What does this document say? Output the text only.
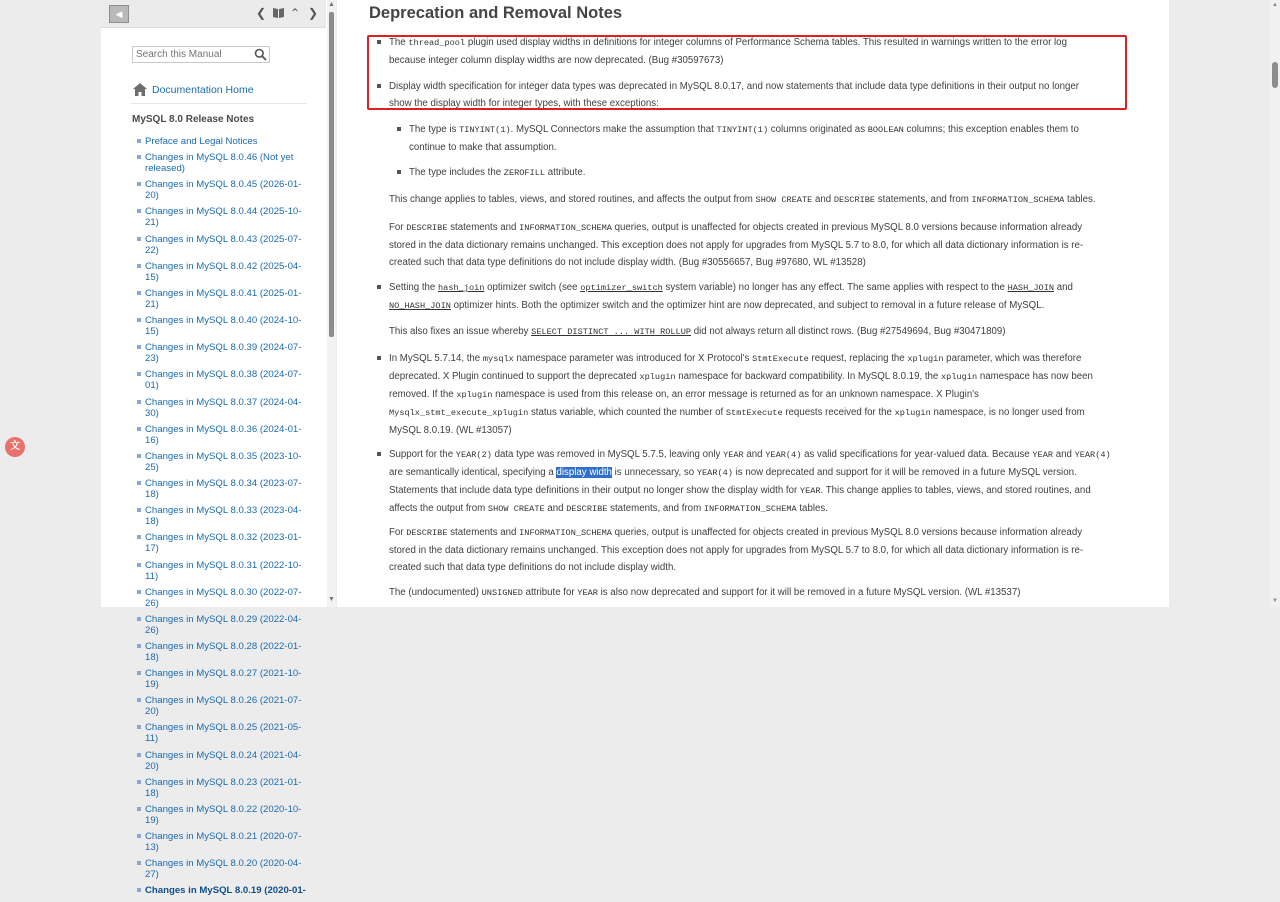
◀	❮ ⌃ ❯
Search this Manual
Documentation Home
MySQL 8.0 Release Notes
Preface and Legal Notices
Changes in MySQL 8.0.46 (Not yet released)
Changes in MySQL 8.0.45 (2026-01-20)
Changes in MySQL 8.0.44 (2025-10-21)
Changes in MySQL 8.0.43 (2025-07-22)
Changes in MySQL 8.0.42 (2025-04-15)
Changes in MySQL 8.0.41 (2025-01-21)
Changes in MySQL 8.0.40 (2024-10-15)
Changes in MySQL 8.0.39 (2024-07-23)
Changes in MySQL 8.0.38 (2024-07-01)
Changes in MySQL 8.0.37 (2024-04-30)
Changes in MySQL 8.0.36 (2024-01-16)
Changes in MySQL 8.0.35 (2023-10-25)
Changes in MySQL 8.0.34 (2023-07-18)
Changes in MySQL 8.0.33 (2023-04-18)
Changes in MySQL 8.0.32 (2023-01-17)
Changes in MySQL 8.0.31 (2022-10-11)
Changes in MySQL 8.0.30 (2022-07-26)
Changes in MySQL 8.0.29 (2022-04-26)
Changes in MySQL 8.0.28 (2022-01-18)
Changes in MySQL 8.0.27 (2021-10-19)
Changes in MySQL 8.0.26 (2021-07-20)
Changes in MySQL 8.0.25 (2021-05-11)
Changes in MySQL 8.0.24 (2021-04-20)
Changes in MySQL 8.0.23 (2021-01-18)
Changes in MySQL 8.0.22 (2020-10-19)
Changes in MySQL 8.0.21 (2020-07-13)
Changes in MySQL 8.0.20 (2020-04-27)
Changes in MySQL 8.0.19 (2020-01-
▲
▼
Deprecation and Removal Notes
The thread_pool plugin used display widths in definitions for integer columns of Performance Schema tables. This resulted in warnings written to the error log
because integer column display widths are now deprecated. (Bug #30597673)
Display width specification for integer data types was deprecated in MySQL 8.0.17, and now statements that include data type definitions in their output no longer
show the display width for integer types, with these exceptions:
The type is TINYINT(1). MySQL Connectors make the assumption that TINYINT(1) columns originated as BOOLEAN columns; this exception enables them to
continue to make that assumption.
The type includes the ZEROFILL attribute.
This change applies to tables, views, and stored routines, and affects the output from SHOW CREATE and DESCRIBE statements, and from INFORMATION_SCHEMA tables.
For DESCRIBE statements and INFORMATION_SCHEMA queries, output is unaffected for objects created in previous MySQL 8.0 versions because information already
stored in the data dictionary remains unchanged. This exception does not apply for upgrades from MySQL 5.7 to 8.0, for which all data dictionary information is re-
created such that data type definitions do not include display width. (Bug #30556657, Bug #97680, WL #13528)
Setting the hash_join optimizer switch (see optimizer_switch system variable) no longer has any effect. The same applies with respect to the HASH_JOIN and
NO_HASH_JOIN optimizer hints. Both the optimizer switch and the optimizer hint are now deprecated, and subject to removal in a future release of MySQL.
This also fixes an issue whereby SELECT DISTINCT ... WITH ROLLUP did not always return all distinct rows. (Bug #27549694, Bug #30471809)
In MySQL 5.7.14, the mysqlx namespace parameter was introduced for X Protocol's StmtExecute request, replacing the xplugin parameter, which was therefore
deprecated. X Plugin continued to support the deprecated xplugin namespace for backward compatibility. In MySQL 8.0.19, the xplugin namespace has now been
removed. If the xplugin namespace is used from this release on, an error message is returned as for an unknown namespace. X Plugin's
Mysqlx_stmt_execute_xplugin status variable, which counted the number of StmtExecute requests received for the xplugin namespace, is no longer used from
MySQL 8.0.19. (WL #13057)
Support for the YEAR(2) data type was removed in MySQL 5.7.5, leaving only YEAR and YEAR(4) as valid specifications for year-valued data. Because YEAR and YEAR(4)
are semantically identical, specifying a display width is unnecessary, so YEAR(4) is now deprecated and support for it will be removed in a future MySQL version.
Statements that include data type definitions in their output no longer show the display width for YEAR. This change applies to tables, views, and stored routines, and
affects the output from SHOW CREATE and DESCRIBE statements, and from INFORMATION_SCHEMA tables.
For DESCRIBE statements and INFORMATION_SCHEMA queries, output is unaffected for objects created in previous MySQL 8.0 versions because information already
stored in the data dictionary remains unchanged. This exception does not apply for upgrades from MySQL 5.7 to 8.0, for which all data dictionary information is re-
created such that data type definitions do not include display width.
The (undocumented) UNSIGNED attribute for YEAR is also now deprecated and support for it will be removed in a future MySQL version. (WL #13537)
▲
▼
文
